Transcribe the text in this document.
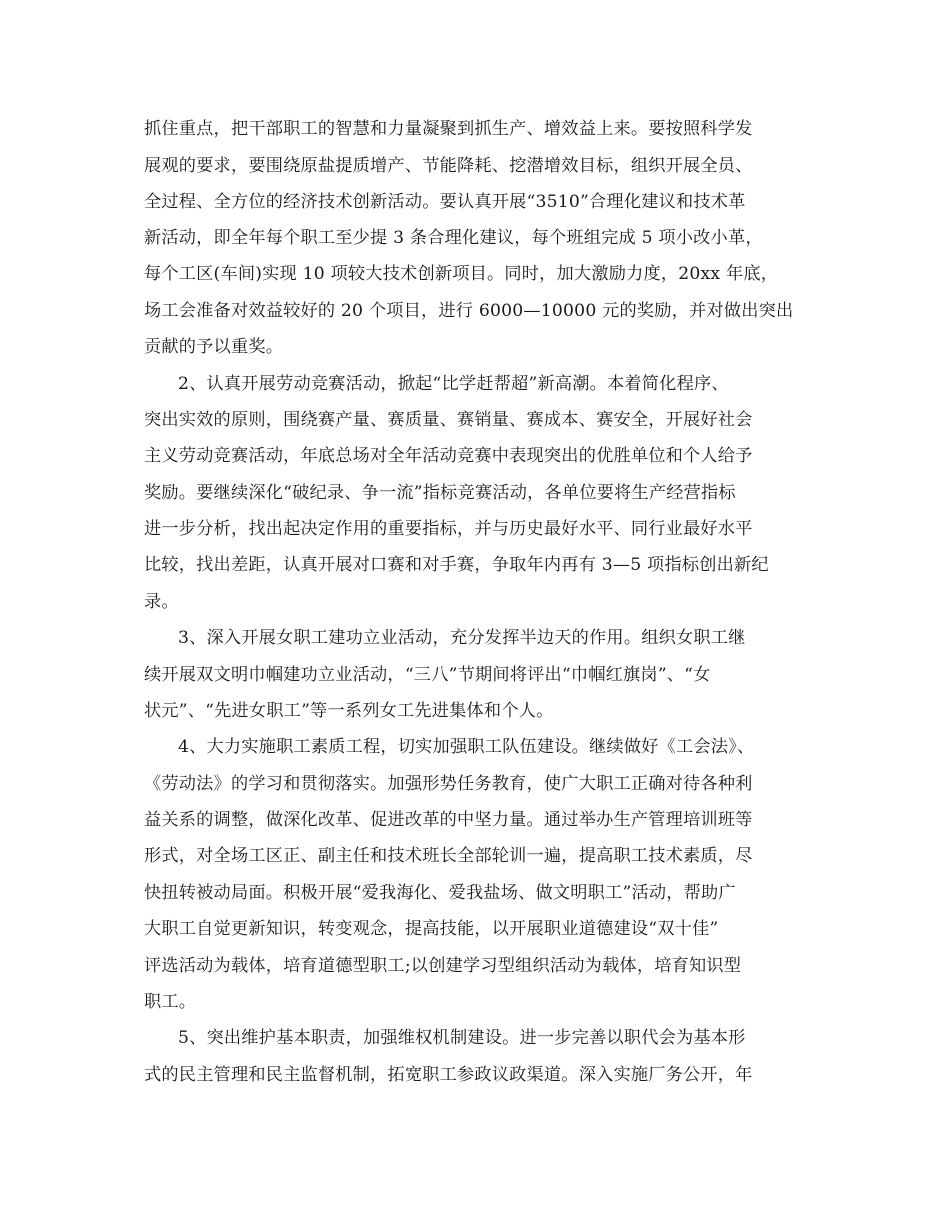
抓住重点，把干部职工的智慧和力量凝聚到抓生产、增效益上来。要按照科学发
展观的要求，要围绕原盐提质增产、节能降耗、挖潜增效目标，组织开展全员、
全过程、全方位的经济技术创新活动。要认真开展“3510”合理化建议和技术革
新活动，即全年每个职工至少提 3 条合理化建议，每个班组完成 5 项小改小革，
每个工区(车间)实现 10 项较大技术创新项目。同时，加大激励力度，20xx 年底，
场工会准备对效益较好的 20 个项目，进行 6000—10000 元的奖励，并对做出突出
贡献的予以重奖。
2、认真开展劳动竞赛活动，掀起“比学赶帮超”新高潮。本着简化程序、
突出实效的原则，围绕赛产量、赛质量、赛销量、赛成本、赛安全，开展好社会
主义劳动竞赛活动，年底总场对全年活动竞赛中表现突出的优胜单位和个人给予
奖励。要继续深化“破纪录、争一流”指标竞赛活动，各单位要将生产经营指标
进一步分析，找出起决定作用的重要指标，并与历史最好水平、同行业最好水平
比较，找出差距，认真开展对口赛和对手赛，争取年内再有 3—5 项指标创出新纪
录。
3、深入开展女职工建功立业活动，充分发挥半边天的作用。组织女职工继
续开展双文明巾帼建功立业活动，“三八”节期间将评出“巾帼红旗岗”、“女
状元”、“先进女职工”等一系列女工先进集体和个人。
4、大力实施职工素质工程，切实加强职工队伍建设。继续做好《工会法》、
《劳动法》的学习和贯彻落实。加强形势任务教育，使广大职工正确对待各种利
益关系的调整，做深化改革、促进改革的中坚力量。通过举办生产管理培训班等
形式，对全场工区正、副主任和技术班长全部轮训一遍，提高职工技术素质，尽
快扭转被动局面。积极开展“爱我海化、爱我盐场、做文明职工”活动，帮助广
大职工自觉更新知识，转变观念，提高技能，以开展职业道德建设“双十佳”
评选活动为载体，培育道德型职工;以创建学习型组织活动为载体，培育知识型
职工。
5、突出维护基本职责，加强维权机制建设。进一步完善以职代会为基本形
式的民主管理和民主监督机制，拓宽职工参政议政渠道。深入实施厂务公开，年
